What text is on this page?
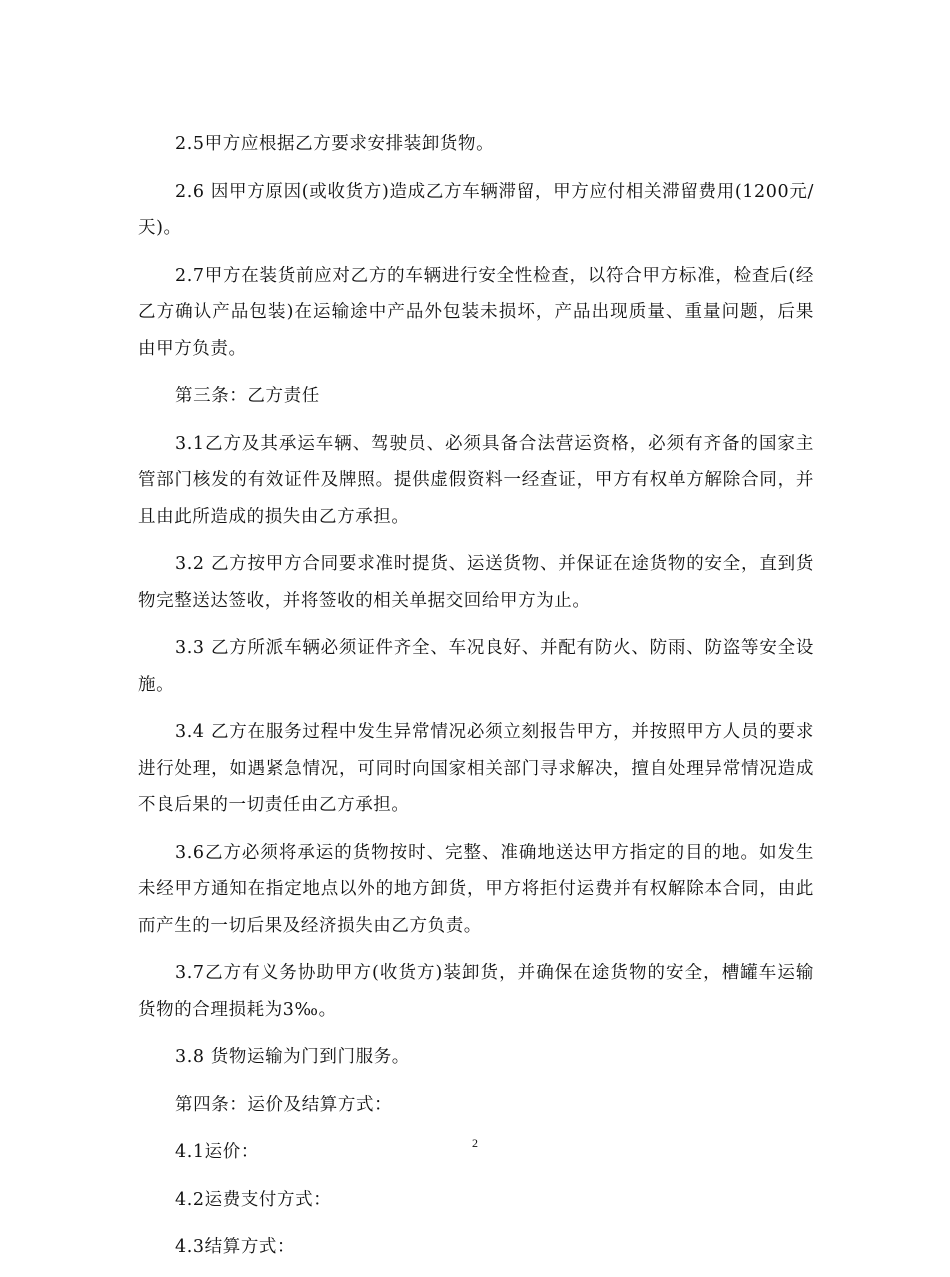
2.5甲方应根据乙方要求安排装卸货物。

2.6 因甲方原因(或收货方)造成乙方车辆滞留，甲方应付相关滞留费用(1200元/天)。

2.7甲方在装货前应对乙方的车辆进行安全性检查，以符合甲方标准，检查后(经乙方确认产品包装)在运输途中产品外包装未损坏，产品出现质量、重量问题，后果由甲方负责。

第三条：乙方责任

3.1乙方及其承运车辆、驾驶员、必须具备合法营运资格，必须有齐备的国家主管部门核发的有效证件及牌照。提供虚假资料一经查证，甲方有权单方解除合同，并且由此所造成的损失由乙方承担。

3.2 乙方按甲方合同要求准时提货、运送货物、并保证在途货物的安全，直到货物完整送达签收，并将签收的相关单据交回给甲方为止。

3.3 乙方所派车辆必须证件齐全、车况良好、并配有防火、防雨、防盗等安全设施。

3.4 乙方在服务过程中发生异常情况必须立刻报告甲方，并按照甲方人员的要求进行处理，如遇紧急情况，可同时向国家相关部门寻求解决，擅自处理异常情况造成不良后果的一切责任由乙方承担。

3.6乙方必须将承运的货物按时、完整、准确地送达甲方指定的目的地。如发生未经甲方通知在指定地点以外的地方卸货，甲方将拒付运费并有权解除本合同，由此而产生的一切后果及经济损失由乙方负责。

3.7乙方有义务协助甲方(收货方)装卸货，并确保在途货物的安全，槽罐车运输货物的合理损耗为3‰。

3.8 货物运输为门到门服务。

第四条：运价及结算方式：

4.1运价：

4.2运费支付方式：

4.3结算方式：

2
